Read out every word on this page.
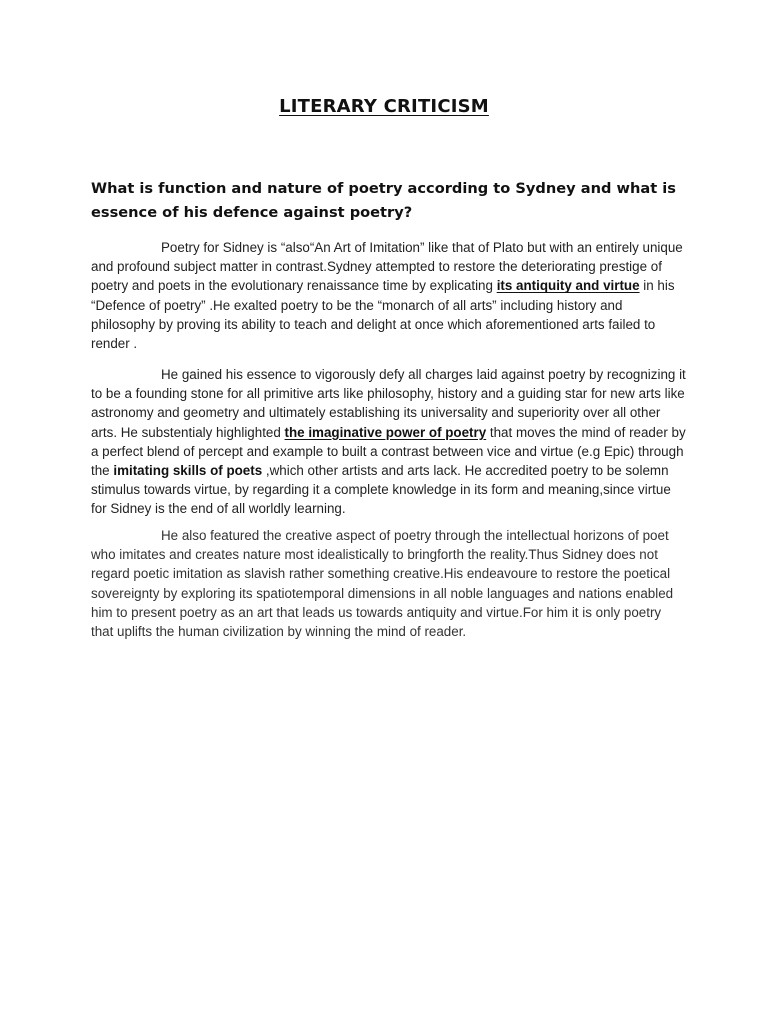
LITERARY CRITICISM
What is function and nature of poetry according to Sydney and what is essence of his defence against poetry?

Poetry for Sidney is “also“An Art of Imitation” like that of Plato but with an entirely unique and profound subject matter in contrast.Sydney attempted to restore the deteriorating prestige of poetry and poets in the evolutionary renaissance time by explicating its antiquity and virtue in his “Defence of poetry” .He exalted poetry to be the “monarch of all arts” including history and philosophy by proving its ability to teach and delight at once which aforementioned arts failed to render .

He gained his essence to vigorously defy all charges laid against poetry by recognizing it to be a founding stone for all primitive arts like philosophy, history and a guiding star for new arts like astronomy and geometry and ultimately establishing its universality and superiority over all other arts. He substentialy highlighted the imaginative power of poetry that moves the mind of reader by a perfect blend of percept and example to built a contrast between vice and virtue (e.g Epic) through the imitating skills of poets ,which other artists and arts lack. He accredited poetry to be solemn stimulus towards virtue, by regarding it a complete knowledge in its form and meaning,since virtue for Sidney is the end of all worldly learning.

He also featured the creative aspect of poetry through the intellectual horizons of poet who imitates and creates nature most idealistically to bringforth the reality.Thus Sidney does not regard poetic imitation as slavish rather something creative.His endeavoure to restore the poetical sovereignty by exploring its spatiotemporal dimensions in all noble languages and nations enabled him to present poetry as an art that leads us towards antiquity and virtue.For him it is only poetry that uplifts the human civilization by winning the mind of reader.
